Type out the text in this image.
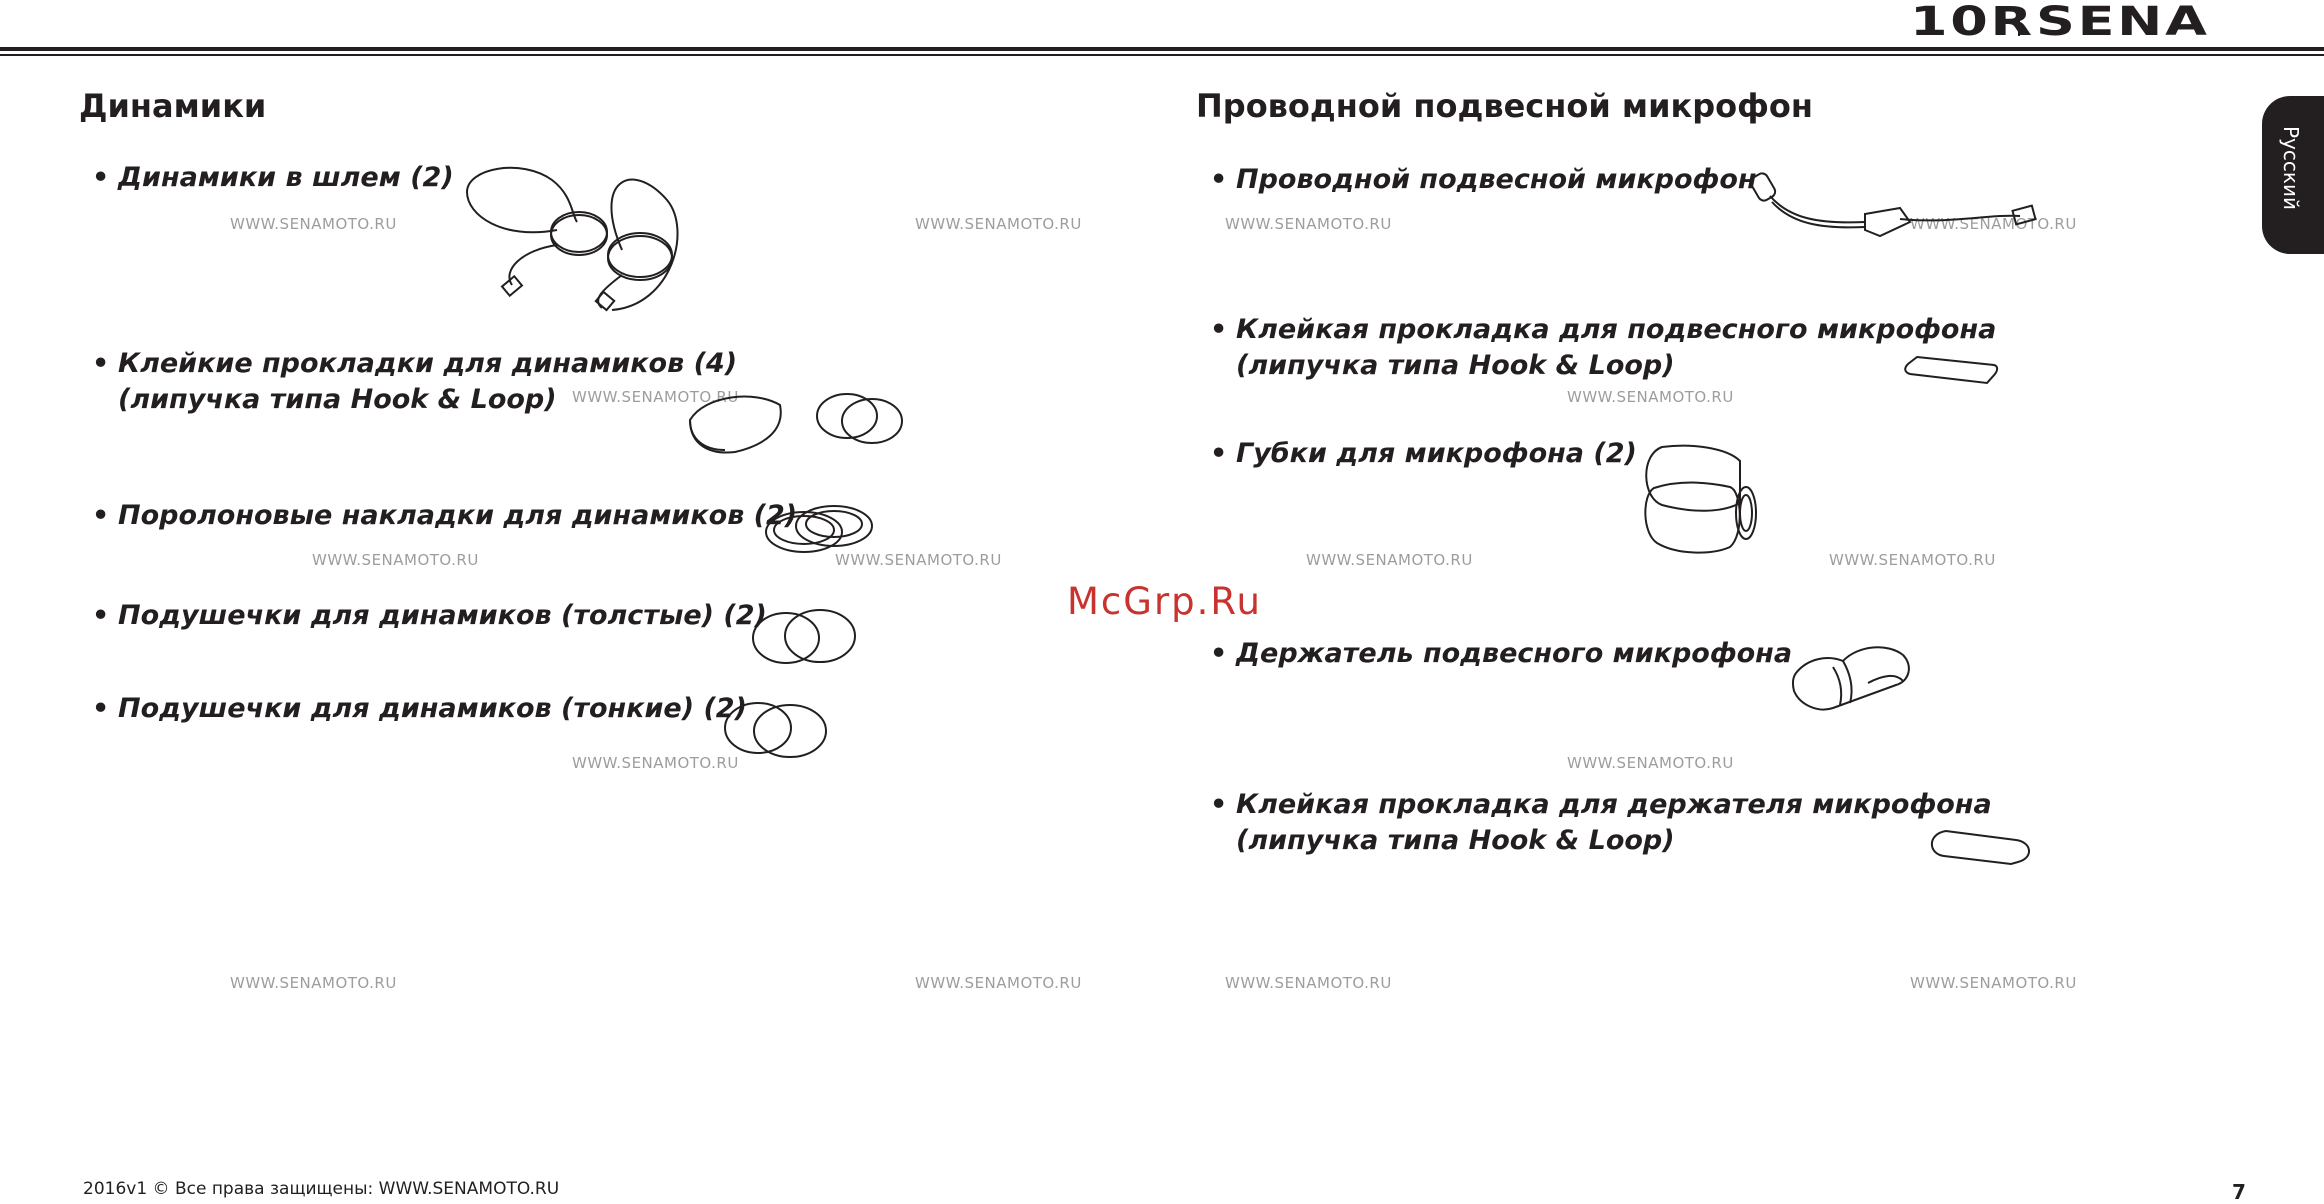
10R SENA
Русский
Динамики
• Динамики в шлем (2)
• Клейкие прокладки для динамиков (4)
(липучка типа Hook & Loop)
• Поролоновые накладки для динамиков (2)
• Подушечки для динамиков (толстые) (2)
• Подушечки для динамиков (тонкие) (2)
Проводной подвесной микрофон
• Проводной подвесной микрофон
• Клейкая прокладка для подвесного микрофона
(липучка типа Hook & Loop)
• Губки для микрофона (2)
• Держатель подвесного микрофона
• Клейкая прокладка для держателя микрофона
(липучка типа Hook & Loop)
WWW.SENAMOTO.RU	WWW.SENAMOTO.RU	WWW.SENAMOTO.RU	WWW.SENAMOTO.RU
WWW.SENAMOTO.RU	WWW.SENAMOTO.RU
WWW.SENAMOTO.RU	WWW.SENAMOTO.RU	WWW.SENAMOTO.RU	WWW.SENAMOTO.RU
WWW.SENAMOTO.RU	WWW.SENAMOTO.RU
WWW.SENAMOTO.RU	WWW.SENAMOTO.RU	WWW.SENAMOTO.RU	WWW.SENAMOTO.RU
McGrp.Ru
2016v1 © Все права защищены: WWW.SENAMOTO.RU	7
